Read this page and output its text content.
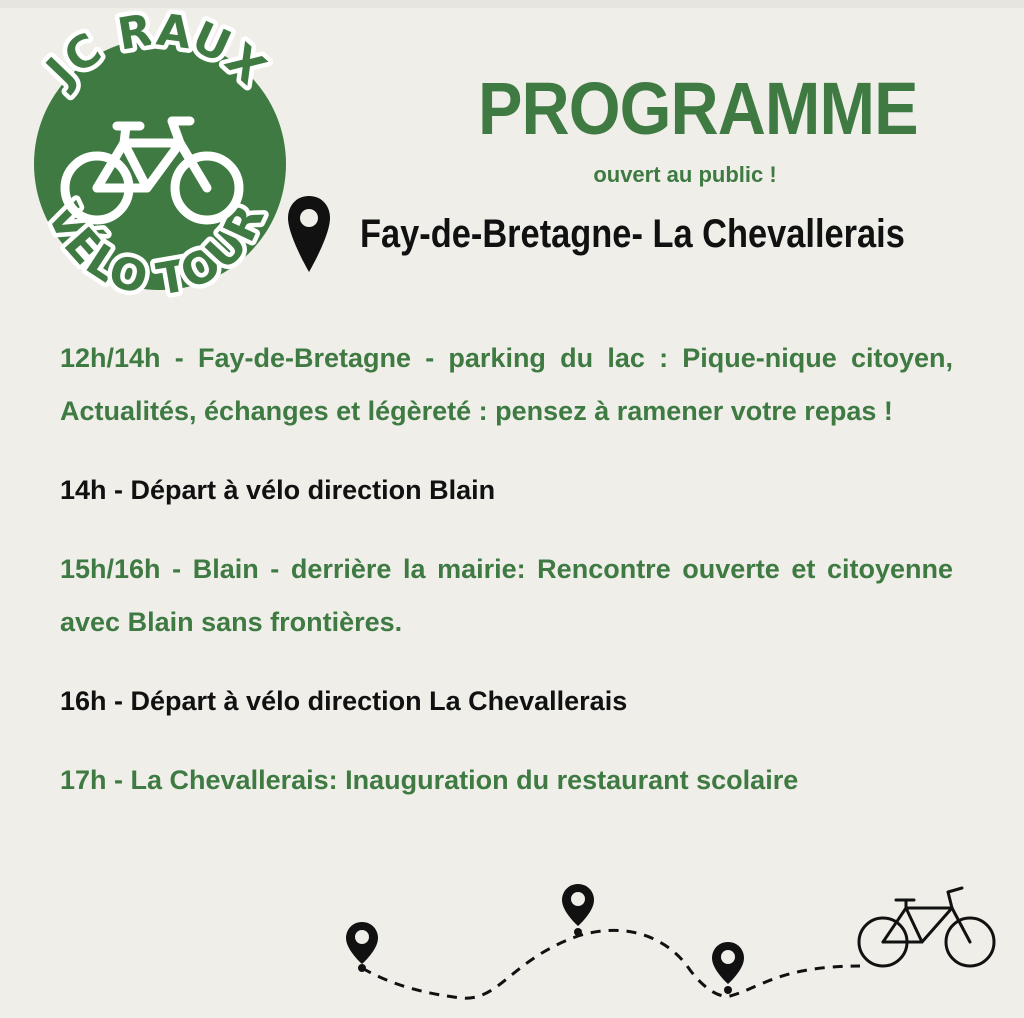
JC RAUX
VÉLO TOUR
PROGRAMME
ouvert au public !
Fay-de-Bretagne- La Chevallerais
12h/14h - Fay-de-Bretagne - parking du lac : Pique-nique citoyen, Actualités, échanges et légèreté : pensez à ramener votre repas !
14h - Départ à vélo direction Blain
15h/16h - Blain - derrière la mairie: Rencontre ouverte et citoyenne avec Blain sans frontières.
16h - Départ à vélo direction La Chevallerais
17h - La Chevallerais: Inauguration du restaurant scolaire
